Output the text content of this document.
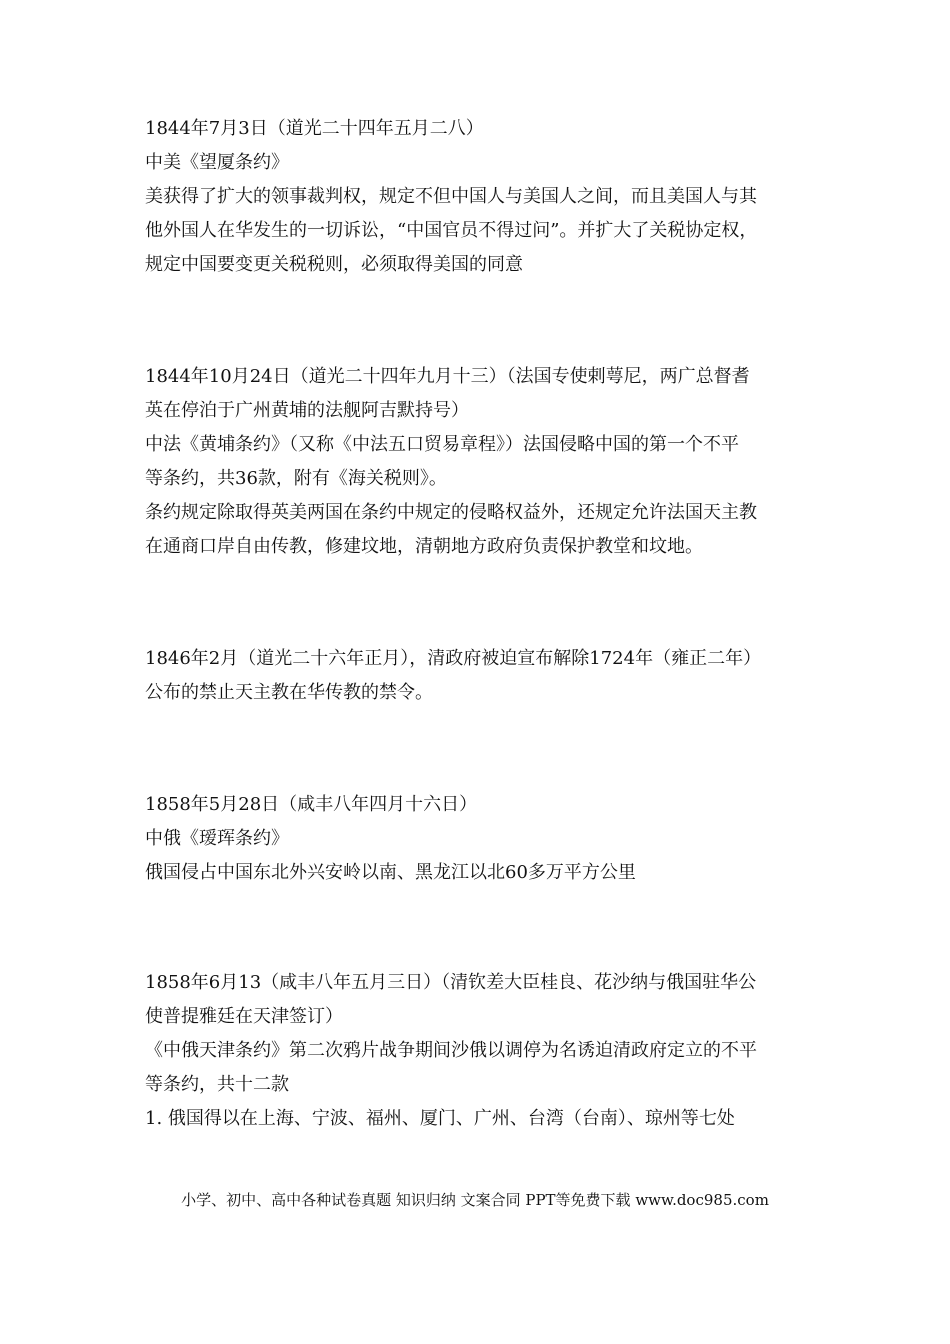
1844年7月3日（道光二十四年五月二八）
中美《望厦条约》
美获得了扩大的领事裁判权，规定不但中国人与美国人之间，而且美国人与其
他外国人在华发生的一切诉讼，“中国官员不得过问”。并扩大了关税协定权，
规定中国要变更关税税则，必须取得美国的同意
1844年10月24日（道光二十四年九月十三）（法国专使剌萼尼，两广总督耆
英在停泊于广州黄埔的法舰阿吉默持号）
中法《黄埔条约》（又称《中法五口贸易章程》）法国侵略中国的第一个不平
等条约，共36款，附有《海关税则》。
条约规定除取得英美两国在条约中规定的侵略权益外，还规定允许法国天主教
在通商口岸自由传教，修建坟地，清朝地方政府负责保护教堂和坟地。
1846年2月（道光二十六年正月），清政府被迫宣布解除1724年（雍正二年）
公布的禁止天主教在华传教的禁令。
1858年5月28日（咸丰八年四月十六日）
中俄《瑷珲条约》
俄国侵占中国东北外兴安岭以南、黑龙江以北60多万平方公里
1858年6月13（咸丰八年五月三日）（清钦差大臣桂良、花沙纳与俄国驻华公
使普提雅廷在天津签订）
《中俄天津条约》第二次鸦片战争期间沙俄以调停为名诱迫清政府定立的不平
等条约，共十二款
1. 俄国得以在上海、宁波、福州、厦门、广州、台湾（台南）、琼州等七处
小学、初中、高中各种试卷真题 知识归纳 文案合同 PPT等免费下载 www.doc985.com
